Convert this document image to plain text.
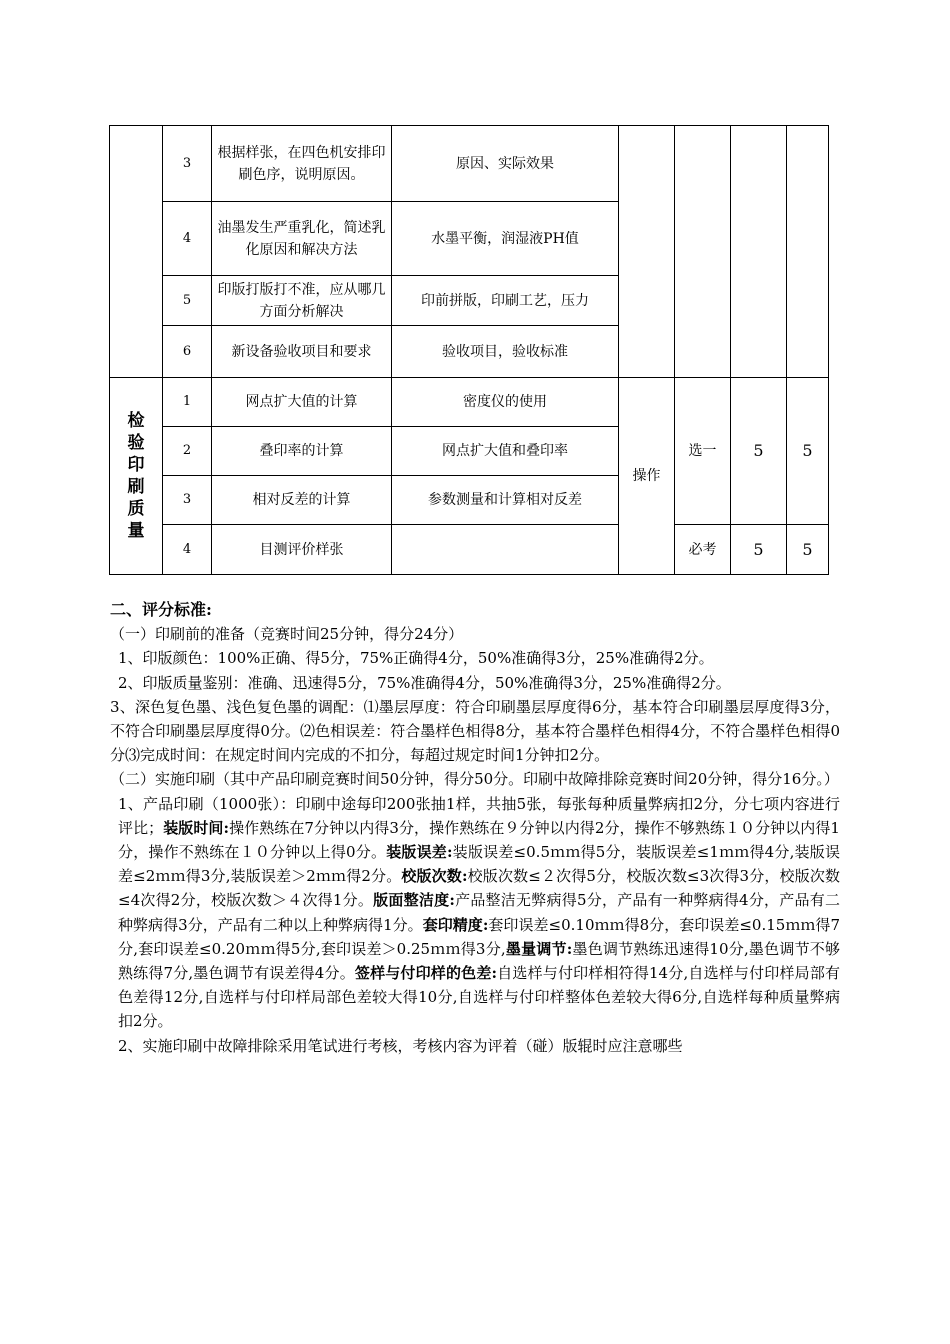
	3	根据样张，在四色机安排印刷色序，说明原因。	原因、实际效果				
	4	油墨发生严重乳化，简述乳化原因和解决方法	水墨平衡，润湿液PH值				
	5	印版打版打不准，应从哪几方面分析解决	印前拼版，印刷工艺，压力				
	6	新设备验收项目和要求	验收项目，验收标准				
检验印刷质量	1	网点扩大值的计算	密度仪的使用	操作	选一	5	5
	2	叠印率的计算	网点扩大值和叠印率				
	3	相对反差的计算	参数测量和计算相对反差				
	4	目测评价样张			必考	5	5

二、评分标准:

（一）印刷前的准备（竞赛时间25分钟，得分24分）

1、印版颜色：100%正确、得5分，75%正确得4分，50%准确得3分，25%准确得2分。

2、印版质量鉴别：准确、迅速得5分，75%准确得4分，50%准确得3分，25%准确得2分。

3、深色复色墨、浅色复色墨的调配：⑴墨层厚度：符合印刷墨层厚度得6分，基本符合印刷墨层厚度得3分，不符合印刷墨层厚度得0分。⑵色相误差：符合墨样色相得8分，基本符合墨样色相得4分，不符合墨样色相得0分⑶完成时间：在规定时间内完成的不扣分，每超过规定时间1分钟扣2分。

（二）实施印刷（其中产品印刷竞赛时间50分钟，得分50分。印刷中故障排除竞赛时间20分钟，得分16分。）

1、产品印刷（1000张）：印刷中途每印200张抽1样，共抽5张，每张每种质量弊病扣2分，分七项内容进行评比；装版时间:操作熟练在7分钟以内得3分，操作熟练在９分钟以内得2分，操作不够熟练１０分钟以内得1分，操作不熟练在１０分钟以上得0分。装版误差:装版误差≤0.5ｍｍ得5分，装版误差≤1ｍｍ得4分,装版误差≤2ｍｍ得3分,装版误差＞2ｍｍ得2分。校版次数:校版次数≤２次得5分，校版次数≤3次得3分，校版次数≤4次得2分，校版次数＞４次得1分。版面整洁度:产品整洁无弊病得5分，产品有一种弊病得4分，产品有二种弊病得3分，产品有二种以上种弊病得1分。套印精度:套印误差≤0.10ｍｍ得8分，套印误差≤0.15ｍｍ得7分,套印误差≤0.20ｍｍ得5分,套印误差＞0.25ｍｍ得3分,墨量调节:墨色调节熟练迅速得10分,墨色调节不够熟练得7分,墨色调节有误差得4分。签样与付印样的色差:自选样与付印样相符得14分,自选样与付印样局部有色差得12分,自选样与付印样局部色差较大得10分,自选样与付印样整体色差较大得6分,自选样每种质量弊病扣2分。

2、实施印刷中故障排除采用笔试进行考核，考核内容为评着（碰）版辊时应注意哪些
